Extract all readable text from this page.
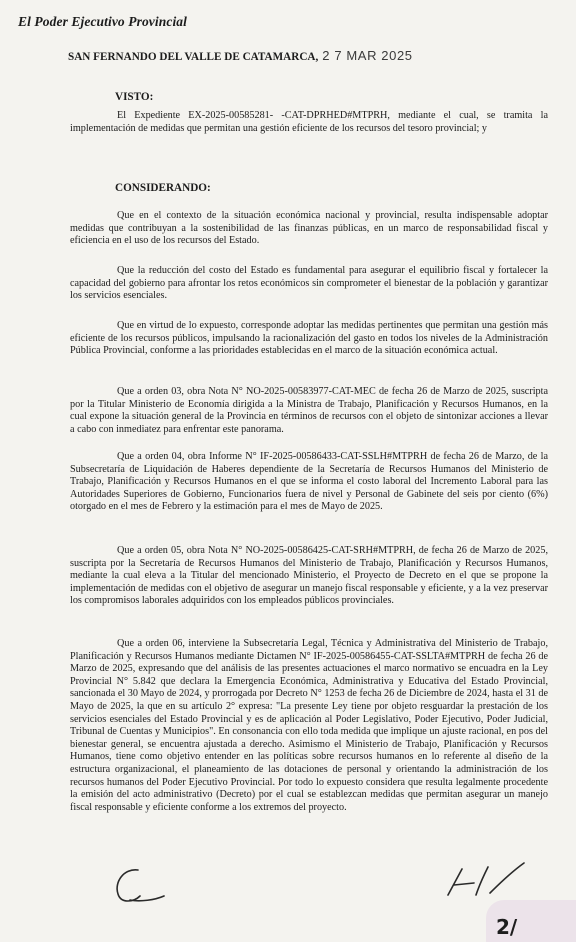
El Poder Ejecutivo Provincial
SAN FERNANDO DEL VALLE DE CATAMARCA, 2 7 MAR 2025
VISTO:
El Expediente EX-2025-00585281- -CAT-DPRHED#MTPRH, mediante el cual, se tramita la implementación de medidas que permitan una gestión eficiente de los recursos del tesoro provincial; y
CONSIDERANDO:
Que en el contexto de la situación económica nacional y provincial, resulta indispensable adoptar medidas que contribuyan a la sostenibilidad de las finanzas públicas, en un marco de responsabilidad fiscal y eficiencia en el uso de los recursos del Estado.
Que la reducción del costo del Estado es fundamental para asegurar el equilibrio fiscal y fortalecer la capacidad del gobierno para afrontar los retos económicos sin comprometer el bienestar de la población y garantizar los servicios esenciales.
Que en virtud de lo expuesto, corresponde adoptar las medidas pertinentes que permitan una gestión más eficiente de los recursos públicos, impulsando la racionalización del gasto en todos los niveles de la Administración Pública Provincial, conforme a las prioridades establecidas en el marco de la situación económica actual.
Que a orden 03, obra Nota N° NO-2025-00583977-CAT-MEC de fecha 26 de Marzo de 2025, suscripta por la Titular Ministerio de Economía dirigida a la Ministra de Trabajo, Planificación y Recursos Humanos, en la cual expone la situación general de la Provincia en términos de recursos con el objeto de sintonizar acciones a llevar a cabo con inmediatez para enfrentar este panorama.
Que a orden 04, obra Informe N° IF-2025-00586433-CAT-SSLH#MTPRH de fecha 26 de Marzo, de la Subsecretaría de Liquidación de Haberes dependiente de la Secretaría de Recursos Humanos del Ministerio de Trabajo, Planificación y Recursos Humanos en el que se informa el costo laboral del Incremento Laboral para las Autoridades Superiores de Gobierno, Funcionarios fuera de nivel y Personal de Gabinete del seis por ciento (6%) otorgado en el mes de Febrero y la estimación para el mes de Mayo de 2025.
Que a orden 05, obra Nota N° NO-2025-00586425-CAT-SRH#MTPRH, de fecha 26 de Marzo de 2025, suscripta por la Secretaría de Recursos Humanos del Ministerio de Trabajo, Planificación y Recursos Humanos, mediante la cual eleva a la Titular del mencionado Ministerio, el Proyecto de Decreto en el que se propone la implementación de medidas con el objetivo de asegurar un manejo fiscal responsable y eficiente, y a la vez preservar los compromisos laborales adquiridos con los empleados públicos provinciales.
Que a orden 06, interviene la Subsecretaría Legal, Técnica y Administrativa del Ministerio de Trabajo, Planificación y Recursos Humanos mediante Dictamen N° IF-2025-00586455-CAT-SSLTA#MTPRH de fecha 26 de Marzo de 2025, expresando que del análisis de las presentes actuaciones el marco normativo se encuadra en la Ley Provincial N° 5.842 que declara la Emergencia Económica, Administrativa y Educativa del Estado Provincial, sancionada el 30 Mayo de 2024, y prorrogada por Decreto N° 1253 de fecha 26 de Diciembre de 2024, hasta el 31 de Mayo de 2025, la que en su artículo 2° expresa: "La presente Ley tiene por objeto resguardar la prestación de los servicios esenciales del Estado Provincial y es de aplicación al Poder Legislativo, Poder Ejecutivo, Poder Judicial, Tribunal de Cuentas y Municipios". En consonancia con ello toda medida que implique un ajuste racional, en pos del bienestar general, se encuentra ajustada a derecho. Asimismo el Ministerio de Trabajo, Planificación y Recursos Humanos, tiene como objetivo entender en las políticas sobre recursos humanos en lo referente al diseño de la estructura organizacional, el planeamiento de las dotaciones de personal y orientando la administración de los recursos humanos del Poder Ejecutivo Provincial. Por todo lo expuesto considera que resulta legalmente procedente la emisión del acto administrativo (Decreto) por el cual se establezcan medidas que permitan asegurar un manejo fiscal responsable y eficiente conforme a los extremos del proyecto.
2/
